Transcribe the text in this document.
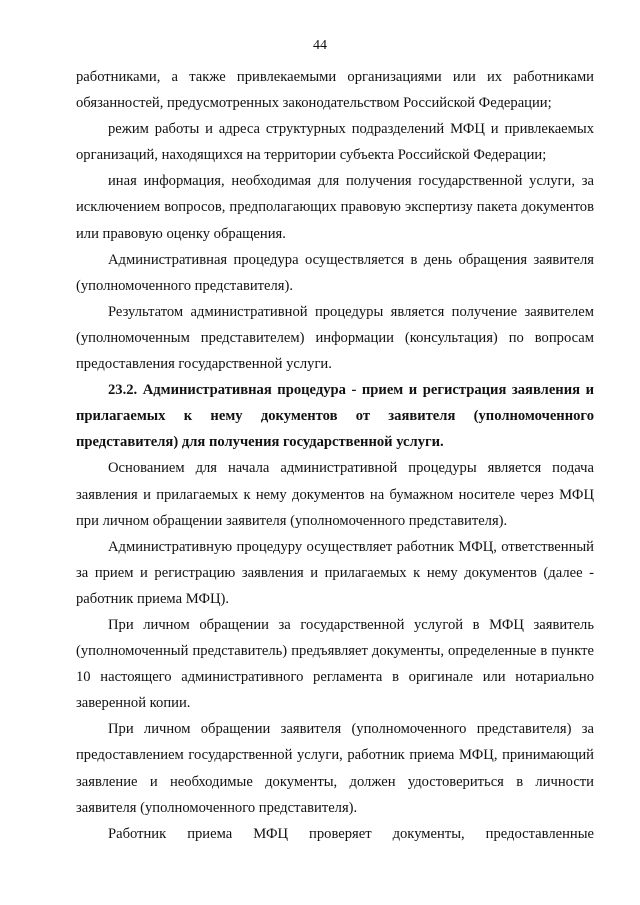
44

работниками, а также привлекаемыми организациями или их работниками обязанностей, предусмотренных законодательством Российской Федерации;

режим работы и адреса структурных подразделений МФЦ и привлекаемых организаций, находящихся на территории субъекта Российской Федерации;

иная информация, необходимая для получения государственной услуги, за исключением вопросов, предполагающих правовую экспертизу пакета документов или правовую оценку обращения.

Административная процедура осуществляется в день обращения заявителя (уполномоченного представителя).

Результатом административной процедуры является получение заявителем (уполномоченным представителем) информации (консультация) по вопросам предоставления государственной услуги.

23.2. Административная процедура - прием и регистрация заявления и прилагаемых к нему документов от заявителя (уполномоченного представителя) для получения государственной услуги.

Основанием для начала административной процедуры является подача заявления и прилагаемых к нему документов на бумажном носителе через МФЦ при личном обращении заявителя (уполномоченного представителя).

Административную процедуру осуществляет работник МФЦ, ответственный за прием и регистрацию заявления и прилагаемых к нему документов (далее - работник приема МФЦ).

При личном обращении за государственной услугой в МФЦ заявитель (уполномоченный представитель) предъявляет документы, определенные в пункте 10 настоящего административного регламента в оригинале или нотариально заверенной копии.

При личном обращении заявителя (уполномоченного представителя) за предоставлением государственной услуги, работник приема МФЦ, принимающий заявление и необходимые документы, должен удостовериться в личности заявителя (уполномоченного представителя).

Работник приема МФЦ проверяет документы, предоставленные
